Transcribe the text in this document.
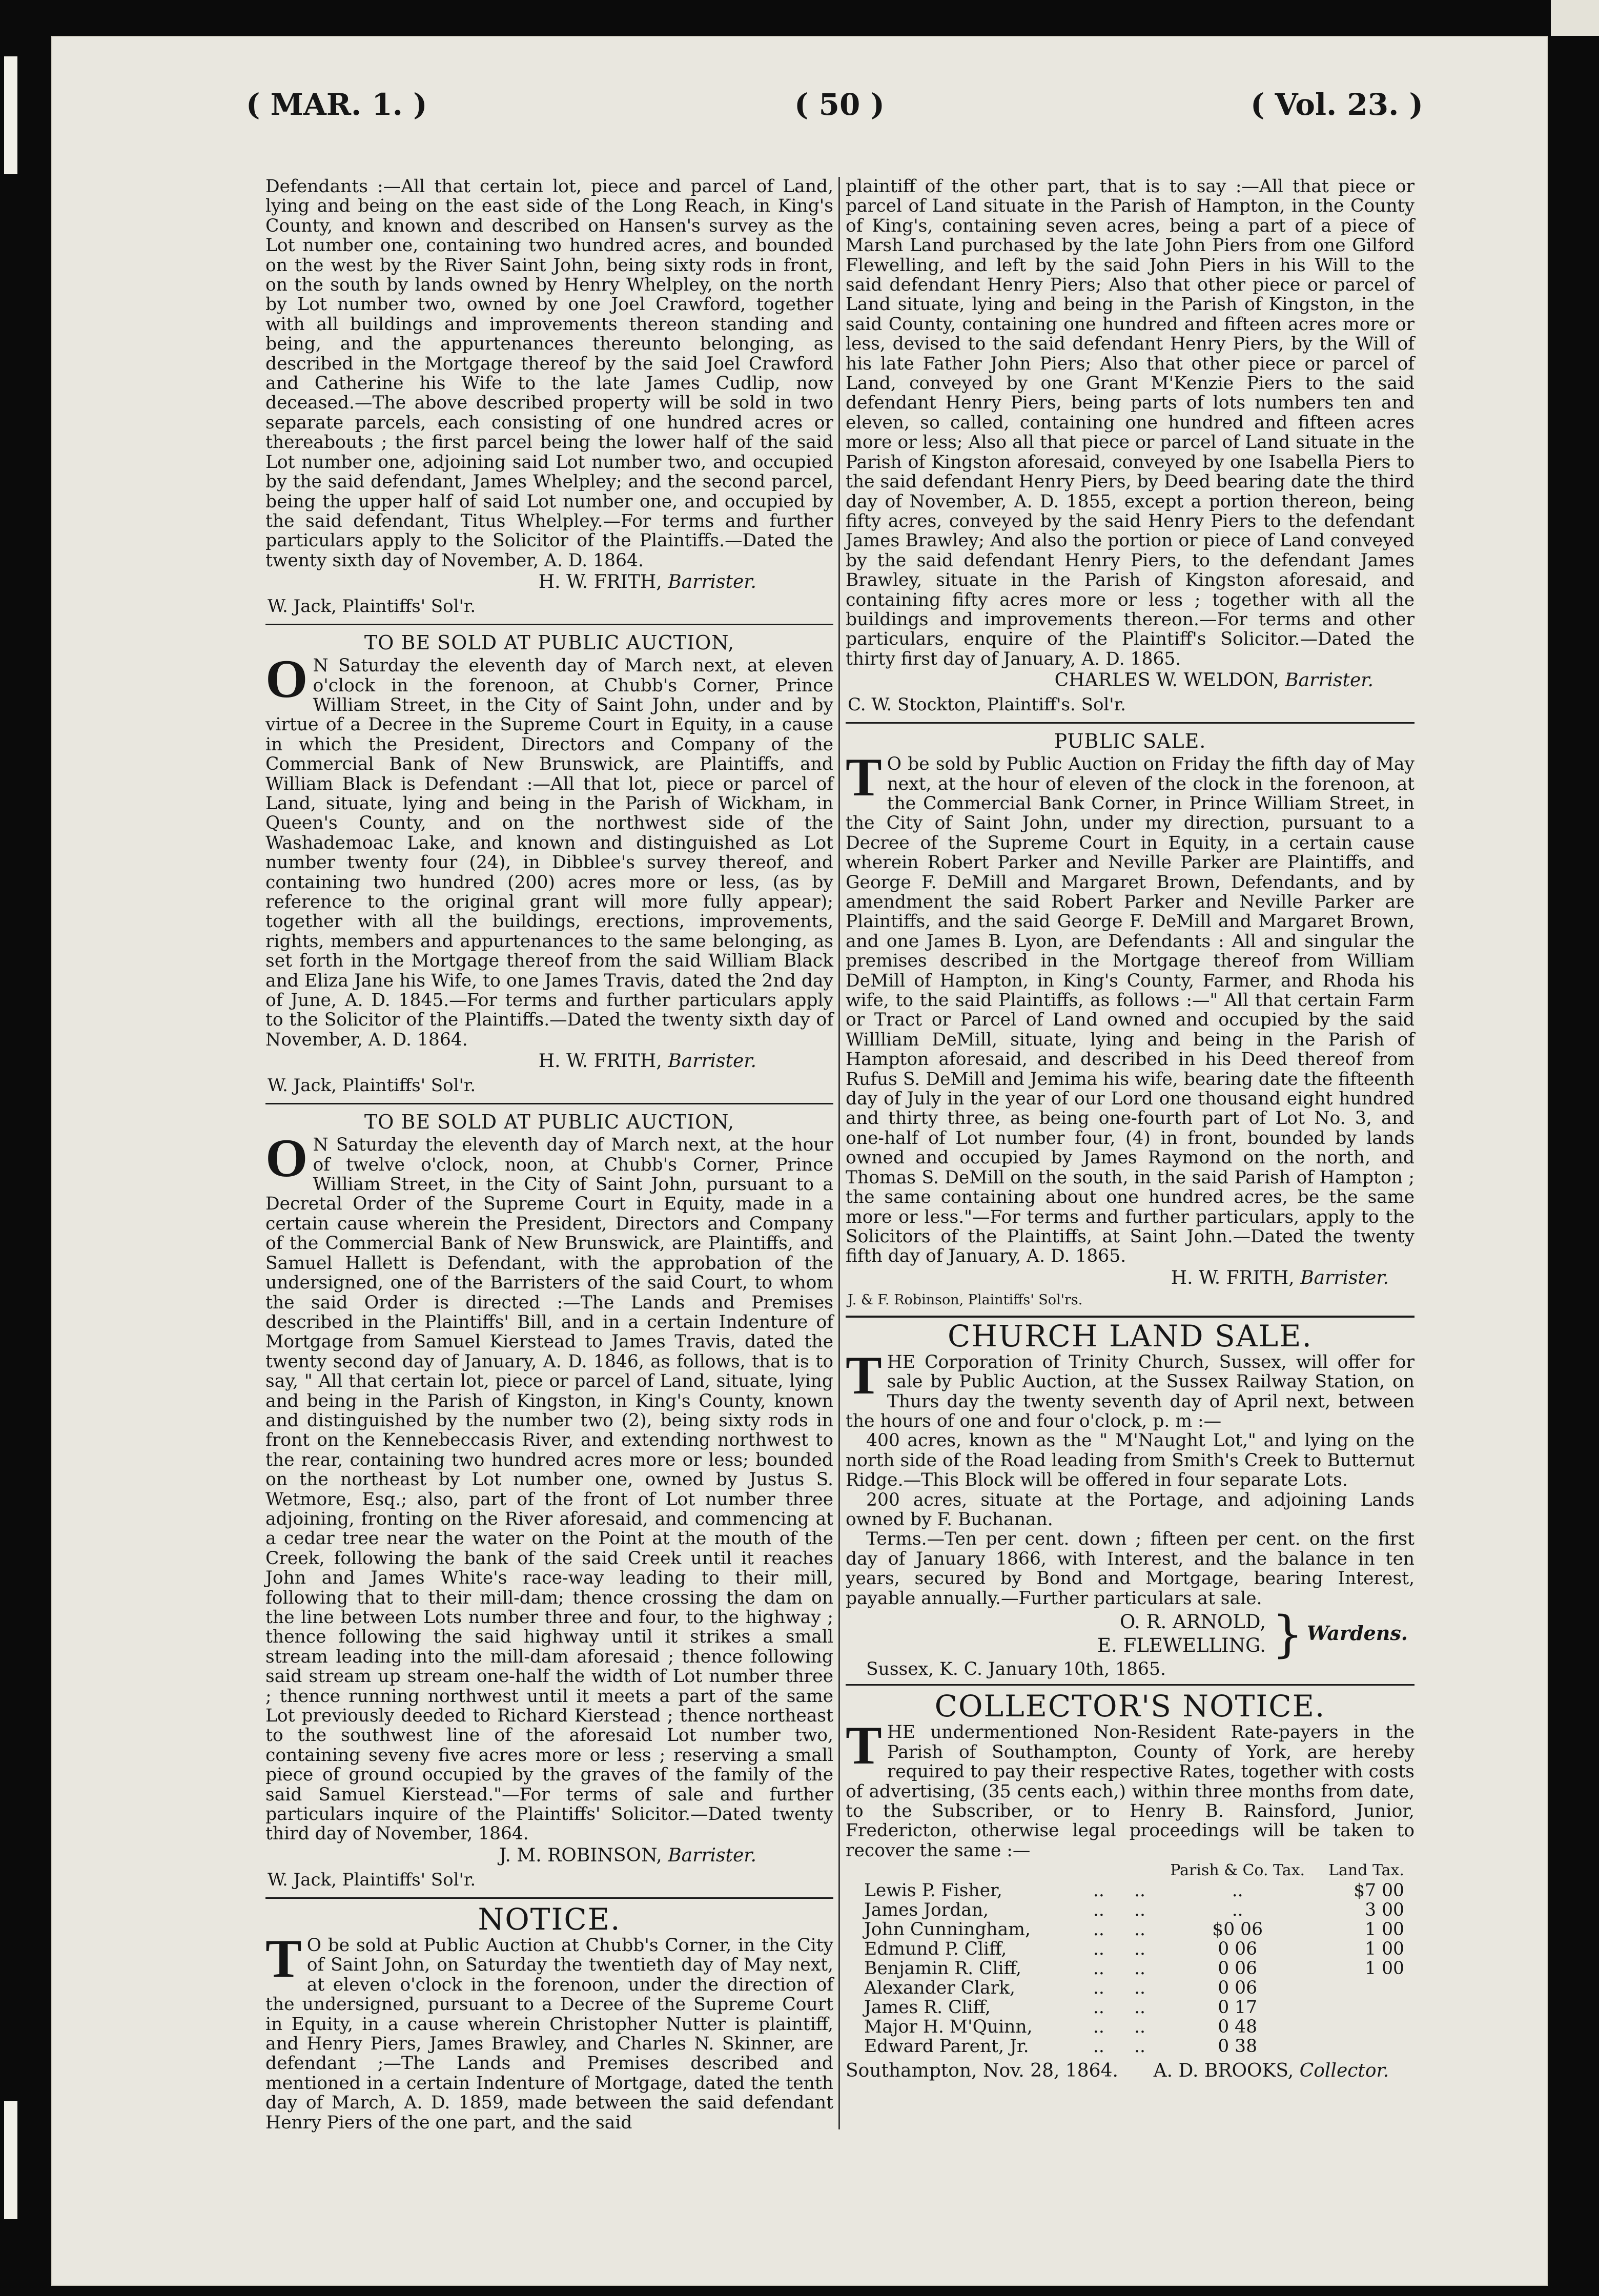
( MAR. 1. )	( 50 )	( Vol. 23. )

Defendants :—All that certain lot, piece and parcel of Land, lying and being on the east side of the Long Reach, in King's County, and known and described on Hansen's survey as the Lot number one, containing two hundred acres, and bounded on the west by the River Saint John, being sixty rods in front, on the south by lands owned by Henry Whelpley, on the north by Lot number two, owned by one Joel Crawford, together with all buildings and improvements thereon standing and being, and the appurtenances thereunto belonging, as described in the Mortgage thereof by the said Joel Crawford and Catherine his Wife to the late James Cudlip, now deceased.—The above described property will be sold in two separate parcels, each consisting of one hundred acres or thereabouts ; the first parcel being the lower half of the said Lot number one, adjoining said Lot number two, and occupied by the said defendant, James Whelpley; and the second parcel, being the upper half of said Lot number one, and occupied by the said defendant, Titus Whelpley.—For terms and further particulars apply to the Solicitor of the Plaintiffs.—Dated the twenty sixth day of November, A. D. 1864.

H. W. FRITH, Barrister.

W. Jack, Plaintiffs' Sol'r.

TO BE SOLD AT PUBLIC AUCTION,

O N Saturday the eleventh day of March next, at eleven o'clock in the forenoon, at Chubb's Corner, Prince William Street, in the City of Saint John, under and by virtue of a Decree in the Supreme Court in Equity, in a cause in which the President, Directors and Company of the Commercial Bank of New Brunswick, are Plaintiffs, and William Black is Defendant :—All that lot, piece or parcel of Land, situate, lying and being in the Parish of Wickham, in Queen's County, and on the northwest side of the Washademoac Lake, and known and distinguished as Lot number twenty four (24), in Dibblee's survey thereof, and containing two hundred (200) acres more or less, (as by reference to the original grant will more fully appear); together with all the buildings, erections, improvements, rights, members and appurtenances to the same belonging, as set forth in the Mortgage thereof from the said William Black and Eliza Jane his Wife, to one James Travis, dated the 2nd day of June, A. D. 1845.—For terms and further particulars apply to the Solicitor of the Plaintiffs.—Dated the twenty sixth day of November, A. D. 1864.

H. W. FRITH, Barrister.

W. Jack, Plaintiffs' Sol'r.

TO BE SOLD AT PUBLIC AUCTION,

O N Saturday the eleventh day of March next, at the hour of twelve o'clock, noon, at Chubb's Corner, Prince William Street, in the City of Saint John, pursuant to a Decretal Order of the Supreme Court in Equity, made in a certain cause wherein the President, Directors and Company of the Commercial Bank of New Brunswick, are Plaintiffs, and Samuel Hallett is Defendant, with the approbation of the undersigned, one of the Barristers of the said Court, to whom the said Order is directed :—The Lands and Premises described in the Plaintiffs' Bill, and in a certain Indenture of Mortgage from Samuel Kierstead to James Travis, dated the twenty second day of January, A. D. 1846, as follows, that is to say, " All that certain lot, piece or parcel of Land, situate, lying and being in the Parish of Kingston, in King's County, known and distinguished by the number two (2), being sixty rods in front on the Kennebeccasis River, and extending northwest to the rear, containing two hundred acres more or less; bounded on the northeast by Lot number one, owned by Justus S. Wetmore, Esq.; also, part of the front of Lot number three adjoining, fronting on the River aforesaid, and commencing at a cedar tree near the water on the Point at the mouth of the Creek, following the bank of the said Creek until it reaches John and James White's race-way leading to their mill, following that to their mill-dam; thence crossing the dam on the line between Lots number three and four, to the highway ; thence following the said highway until it strikes a small stream leading into the mill-dam aforesaid ; thence following said stream up stream one-half the width of Lot number three ; thence running northwest until it meets a part of the same Lot previously deeded to Richard Kierstead ; thence northeast to the southwest line of the aforesaid Lot number two, containing seveny five acres more or less ; reserving a small piece of ground occupied by the graves of the family of the said Samuel Kierstead."—For terms of sale and further particulars inquire of the Plaintiffs' Solicitor.—Dated twenty third day of November, 1864.

J. M. ROBINSON, Barrister.

W. Jack, Plaintiffs' Sol'r.

NOTICE.

T O be sold at Public Auction at Chubb's Corner, in the City of Saint John, on Saturday the twentieth day of May next, at eleven o'clock in the forenoon, under the direction of the undersigned, pursuant to a Decree of the Supreme Court in Equity, in a cause wherein Christopher Nutter is plaintiff, and Henry Piers, James Brawley, and Charles N. Skinner, are defendant ;—The Lands and Premises described and mentioned in a certain Indenture of Mortgage, dated the tenth day of March, A. D. 1859, made between the said defendant Henry Piers of the one part, and the said

plaintiff of the other part, that is to say :—All that piece or parcel of Land situate in the Parish of Hampton, in the County of King's, containing seven acres, being a part of a piece of Marsh Land purchased by the late John Piers from one Gilford Flewelling, and left by the said John Piers in his Will to the said defendant Henry Piers; Also that other piece or parcel of Land situate, lying and being in the Parish of Kingston, in the said County, containing one hundred and fifteen acres more or less, devised to the said defendant Henry Piers, by the Will of his late Father John Piers; Also that other piece or parcel of Land, conveyed by one Grant M'Kenzie Piers to the said defendant Henry Piers, being parts of lots numbers ten and eleven, so called, containing one hundred and fifteen acres more or less; Also all that piece or parcel of Land situate in the Parish of Kingston aforesaid, conveyed by one Isabella Piers to the said defendant Henry Piers, by Deed bearing date the third day of November, A. D. 1855, except a portion thereon, being fifty acres, conveyed by the said Henry Piers to the defendant James Brawley; And also the portion or piece of Land conveyed by the said defendant Henry Piers, to the defendant James Brawley, situate in the Parish of Kingston aforesaid, and containing fifty acres more or less ; together with all the buildings and improvements thereon.—For terms and other particulars, enquire of the Plaintiff's Solicitor.—Dated the thirty first day of January, A. D. 1865.

CHARLES W. WELDON, Barrister.

C. W. Stockton, Plaintiff's. Sol'r.

PUBLIC SALE.

T O be sold by Public Auction on Friday the fifth day of May next, at the hour of eleven of the clock in the forenoon, at the Commercial Bank Corner, in Prince William Street, in the City of Saint John, under my direction, pursuant to a Decree of the Supreme Court in Equity, in a certain cause wherein Robert Parker and Neville Parker are Plaintiffs, and George F. DeMill and Margaret Brown, Defendants, and by amendment the said Robert Parker and Neville Parker are Plaintiffs, and the said George F. DeMill and Margaret Brown, and one James B. Lyon, are Defendants : All and singular the premises described in the Mortgage thereof from William DeMill of Hampton, in King's County, Farmer, and Rhoda his wife, to the said Plaintiffs, as follows :—" All that certain Farm or Tract or Parcel of Land owned and occupied by the said Willliam DeMill, situate, lying and being in the Parish of Hampton aforesaid, and described in his Deed thereof from Rufus S. DeMill and Jemima his wife, bearing date the fifteenth day of July in the year of our Lord one thousand eight hundred and thirty three, as being one-fourth part of Lot No. 3, and one-half of Lot number four, (4) in front, bounded by lands owned and occupied by James Raymond on the north, and Thomas S. DeMill on the south, in the said Parish of Hampton ; the same containing about one hundred acres, be the same more or less."—For terms and further particulars, apply to the Solicitors of the Plaintiffs, at Saint John.—Dated the twenty fifth day of January, A. D. 1865.

H. W. FRITH, Barrister.

J. & F. Robinson, Plaintiffs' Sol'rs.

CHURCH LAND SALE.

THE Corporation of Trinity Church, Sussex, will offer for sale by Public Auction, at the Sussex Railway Station, on Thurs day the twenty seventh day of April next, between the hours of one and four o'clock, p. m :—

400 acres, known as the " M'Naught Lot," and lying on the north side of the Road leading from Smith's Creek to Butternut Ridge.—This Block will be offered in four separate Lots.

200 acres, situate at the Portage, and adjoining Lands owned by F. Buchanan.

Terms.—Ten per cent. down ; fifteen per cent. on the first day of January 1866, with Interest, and the balance in ten years, secured by Bond and Mortgage, bearing Interest, payable annually.—Further particulars at sale.

O. R. ARNOLD,
E. FLEWELLING. } Wardens.

Sussex, K. C. January 10th, 1865.

COLLECTOR'S NOTICE.

THE undermentioned Non-Resident Rate-payers in the Parish of Southampton, County of York, are hereby required to pay their respective Rates, together with costs of advertising, (35 cents each,) within three months from date, to the Subscriber, or to Henry B. Rainsford, Junior, Fredericton, otherwise legal proceedings will be taken to recover the same :—

			Parish & Co. Tax.	Land Tax.
Lewis P. Fisher,	..	..	..	$7 00
James Jordan,	..	..	..	3 00
John Cunningham,	..	..	$0 06	1 00
Edmund P. Cliff,	..	..	0 06	1 00
Benjamin R. Cliff,	..	..	0 06	1 00
Alexander Clark,	..	..	0 06	
James R. Cliff,	..	..	0 17	
Major H. M'Quinn,	..	..	0 48	
Edward Parent, Jr.	..	..	0 38	

Southampton, Nov. 28, 1864. A. D. BROOKS, Collector.
